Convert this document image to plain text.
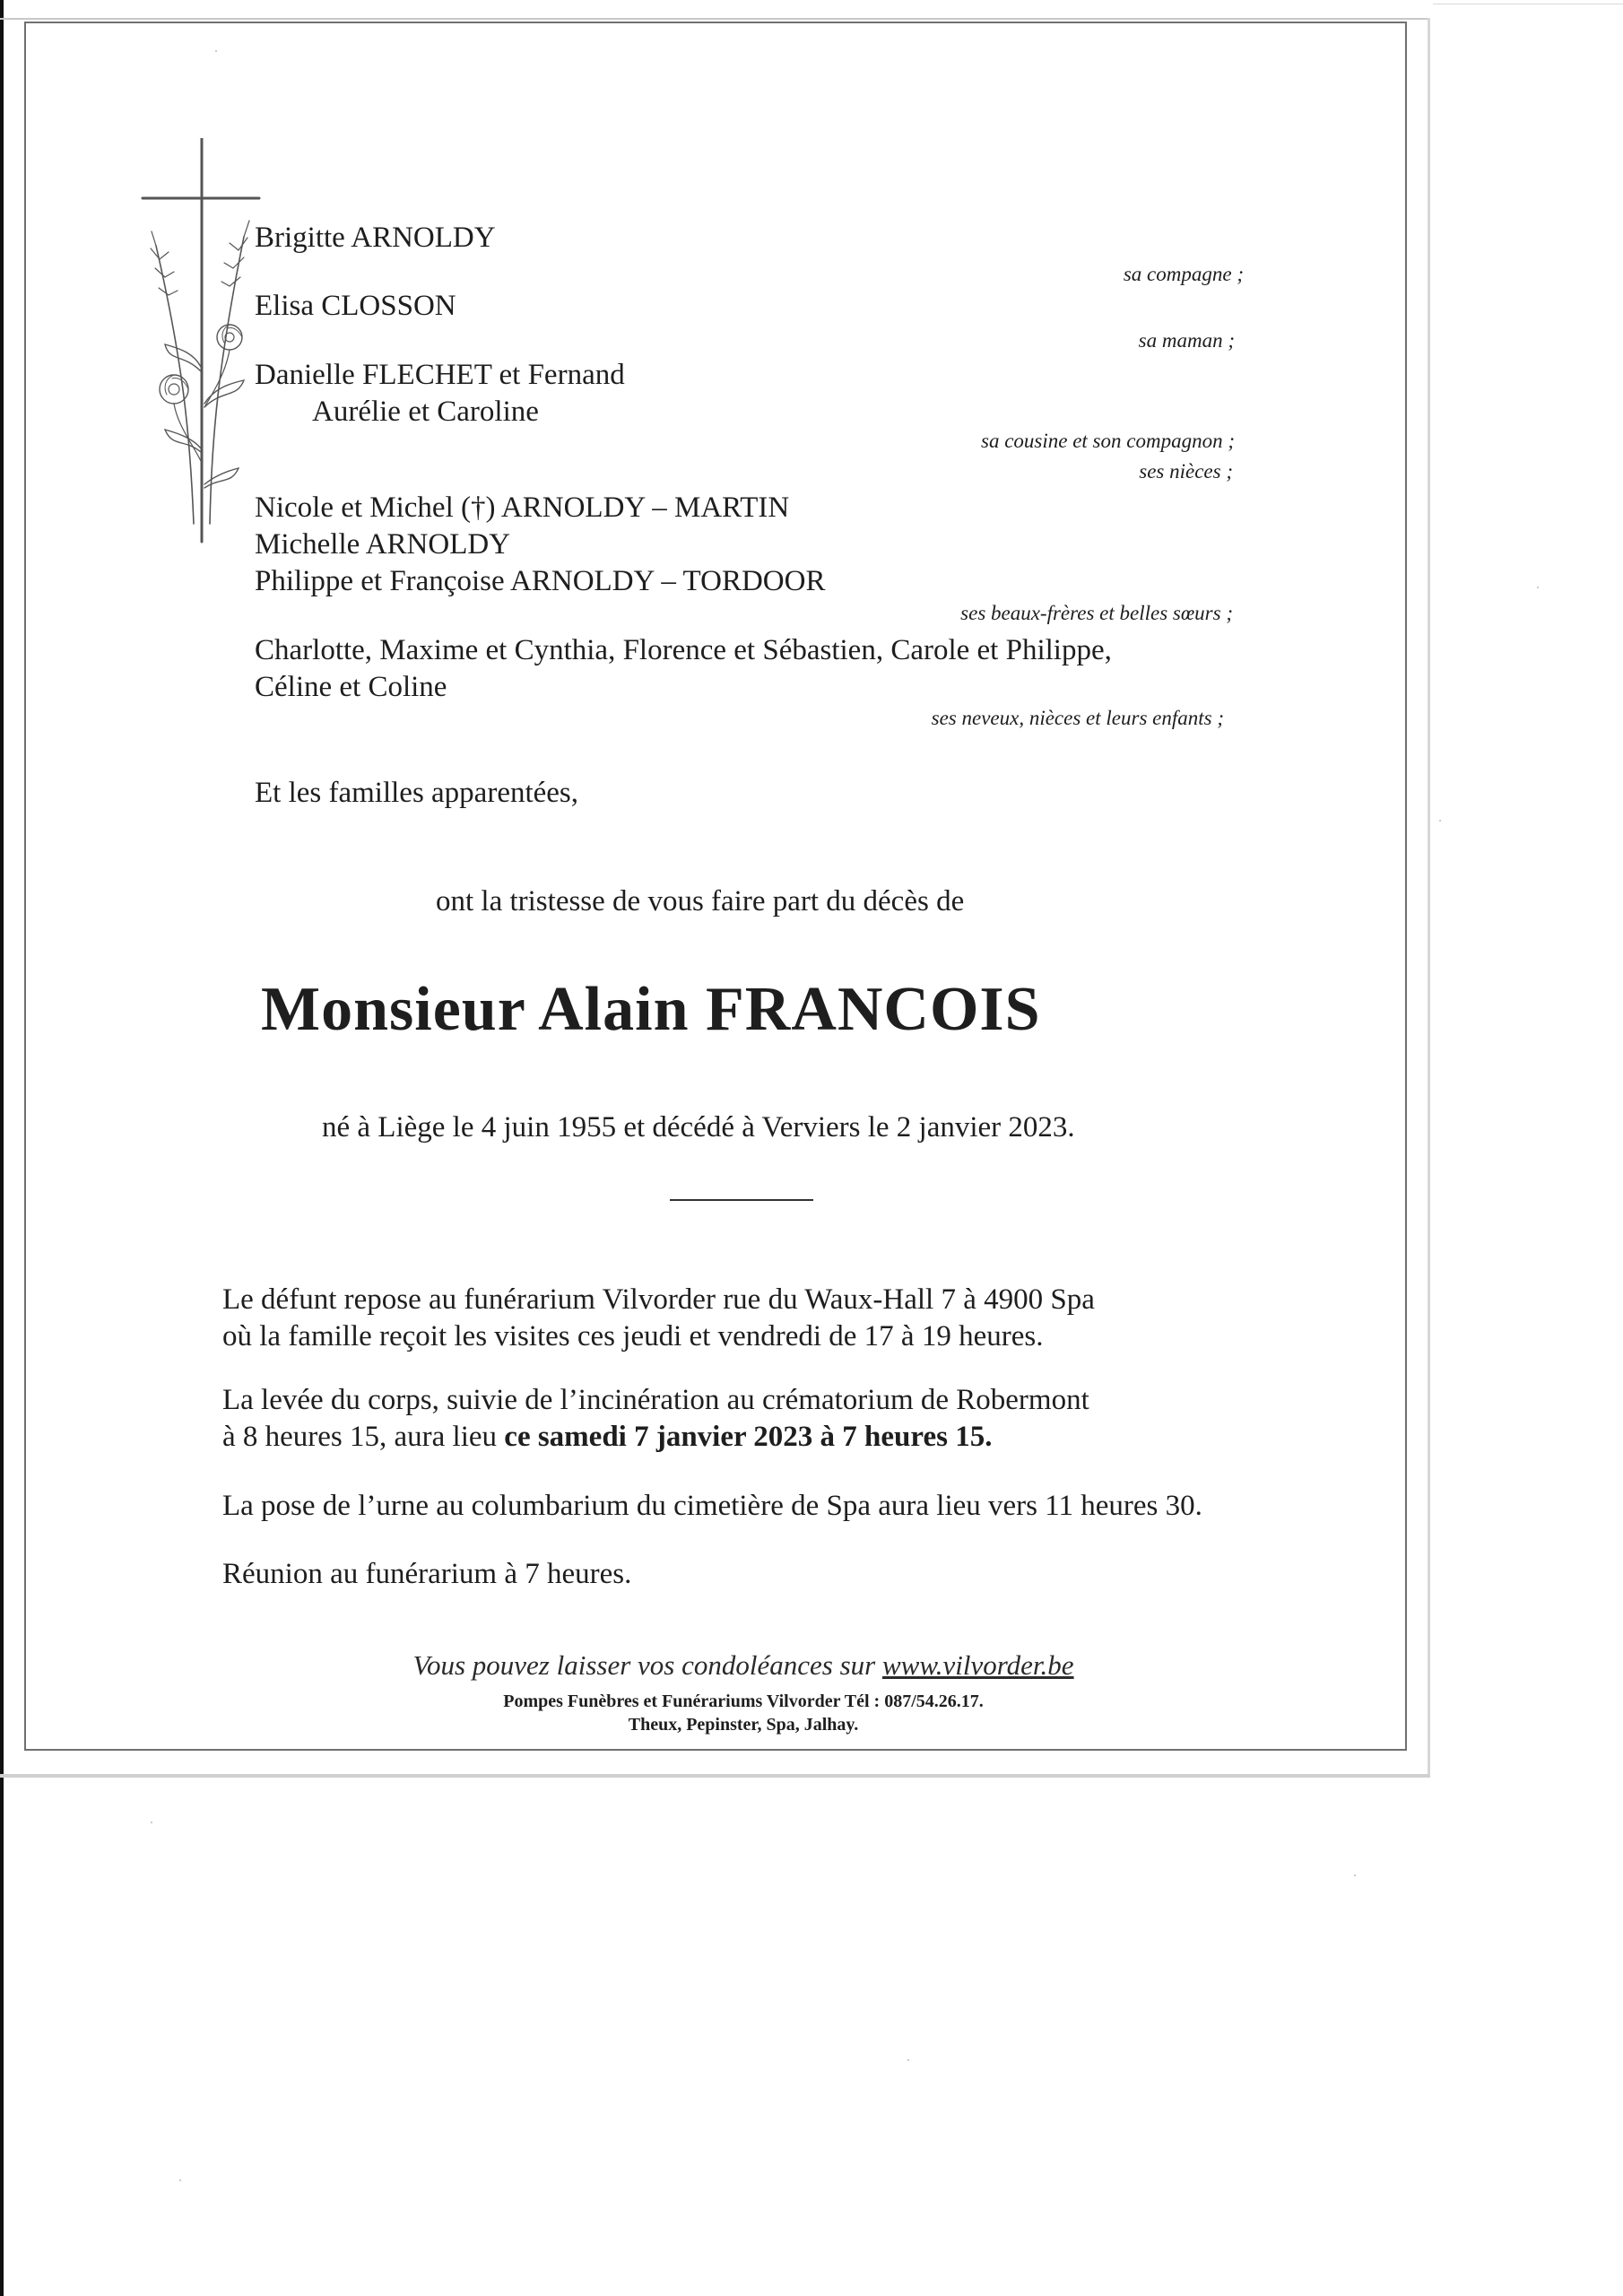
Brigitte ARNOLDY
Elisa CLOSSON
Danielle FLECHET et Fernand
Aurélie et Caroline
Nicole et Michel (†) ARNOLDY – MARTIN
Michelle ARNOLDY
Philippe et Françoise ARNOLDY – TORDOOR
Charlotte, Maxime et Cynthia, Florence et Sébastien, Carole et Philippe,
Céline et Coline
Et les familles apparentées,
sa compagne ;
sa maman ;
sa cousine et son compagnon ;
ses nièces ;
ses beaux-frères et belles sœurs ;
ses neveux, nièces et leurs enfants ;
ont la tristesse de vous faire part du décès de
Monsieur Alain FRANCOIS
né à Liège le 4 juin 1955 et décédé à Verviers le 2 janvier 2023.
Le défunt repose au funérarium Vilvorder rue du Waux-Hall 7 à 4900 Spa
où la famille reçoit les visites ces jeudi et vendredi de 17 à 19 heures.
La levée du corps, suivie de l’incinération au crématorium de Robermont
à 8 heures 15, aura lieu ce samedi 7 janvier 2023 à 7 heures 15.
La pose de l’urne au columbarium du cimetière de Spa aura lieu vers 11 heures 30.
Réunion au funérarium à 7 heures.
Vous pouvez laisser vos condoléances sur www.vilvorder.be
Pompes Funèbres et Funérariums Vilvorder Tél : 087/54.26.17.
Theux, Pepinster, Spa, Jalhay.
